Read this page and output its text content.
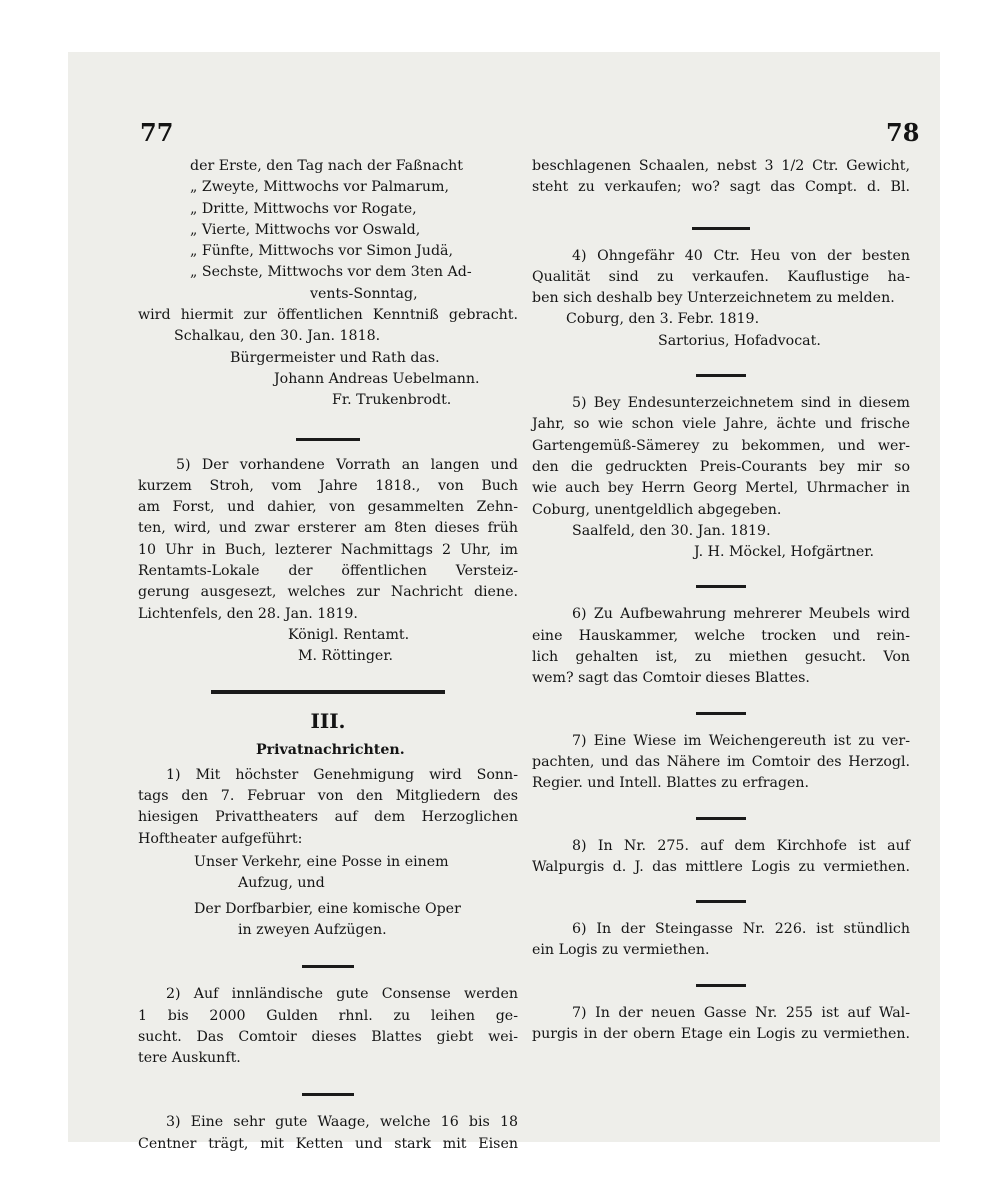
77	78

der Erste, den Tag nach der Faßnacht

„ Zweyte, Mittwochs vor Palmarum,

„ Dritte, Mittwochs vor Rogate,

„ Vierte, Mittwochs vor Oswald,

„ Fünfte, Mittwochs vor Simon Judä,

„ Sechste, Mittwochs vor dem 3ten Ad-

vents-Sonntag,

wird hiermit zur öffentlichen Kenntniß gebracht.

Schalkau, den 30. Jan. 1818.

Bürgermeister und Rath das.

Johann Andreas Uebelmann.

Fr. Trukenbrodt.

5) Der vorhandene Vorrath an langen und

kurzem Stroh, vom Jahre 1818., von Buch

am Forst, und dahier, von gesammelten Zehn-

ten, wird, und zwar ersterer am 8ten dieses früh

10 Uhr in Buch, lezterer Nachmittags 2 Uhr, im

Rentamts-Lokale der öffentlichen Versteiz-

gerung ausgesezt, welches zur Nachricht diene.

Lichtenfels, den 28. Jan. 1819.

Königl. Rentamt.

M. Röttinger.

III.

Privatnachrichten.

1) Mit höchster Genehmigung wird Sonn-

tags den 7. Februar von den Mitgliedern des

hiesigen Privattheaters auf dem Herzoglichen

Hoftheater aufgeführt:

Unser Verkehr, eine Posse in einem

Aufzug, und

Der Dorfbarbier, eine komische Oper

in zweyen Aufzügen.

2) Auf innländische gute Consense werden

1 bis 2000 Gulden rhnl. zu leihen ge-

sucht. Das Comtoir dieses Blattes giebt wei-

tere Auskunft.

3) Eine sehr gute Waage, welche 16 bis 18

Centner trägt, mit Ketten und stark mit Eisen

beschlagenen Schaalen, nebst 3 1/2 Ctr. Gewicht,

steht zu verkaufen; wo? sagt das Compt. d. Bl.

4) Ohngefähr 40 Ctr. Heu von der besten

Qualität sind zu verkaufen. Kauflustige ha-

ben sich deshalb bey Unterzeichnetem zu melden.

Coburg, den 3. Febr. 1819.

Sartorius, Hofadvocat.

5) Bey Endesunterzeichnetem sind in diesem

Jahr, so wie schon viele Jahre, ächte und frische

Gartengemüß-Sämerey zu bekommen, und wer-

den die gedruckten Preis-Courants bey mir so

wie auch bey Herrn Georg Mertel, Uhrmacher in

Coburg, unentgeldlich abgegeben.

Saalfeld, den 30. Jan. 1819.

J. H. Möckel, Hofgärtner.

6) Zu Aufbewahrung mehrerer Meubels wird

eine Hauskammer, welche trocken und rein-

lich gehalten ist, zu miethen gesucht. Von

wem? sagt das Comtoir dieses Blattes.

7) Eine Wiese im Weichengereuth ist zu ver-

pachten, und das Nähere im Comtoir des Herzogl.

Regier. und Intell. Blattes zu erfragen.

8) In Nr. 275. auf dem Kirchhofe ist auf

Walpurgis d. J. das mittlere Logis zu vermiethen.

6) In der Steingasse Nr. 226. ist stündlich

ein Logis zu vermiethen.

7) In der neuen Gasse Nr. 255 ist auf Wal-

purgis in der obern Etage ein Logis zu vermiethen.
